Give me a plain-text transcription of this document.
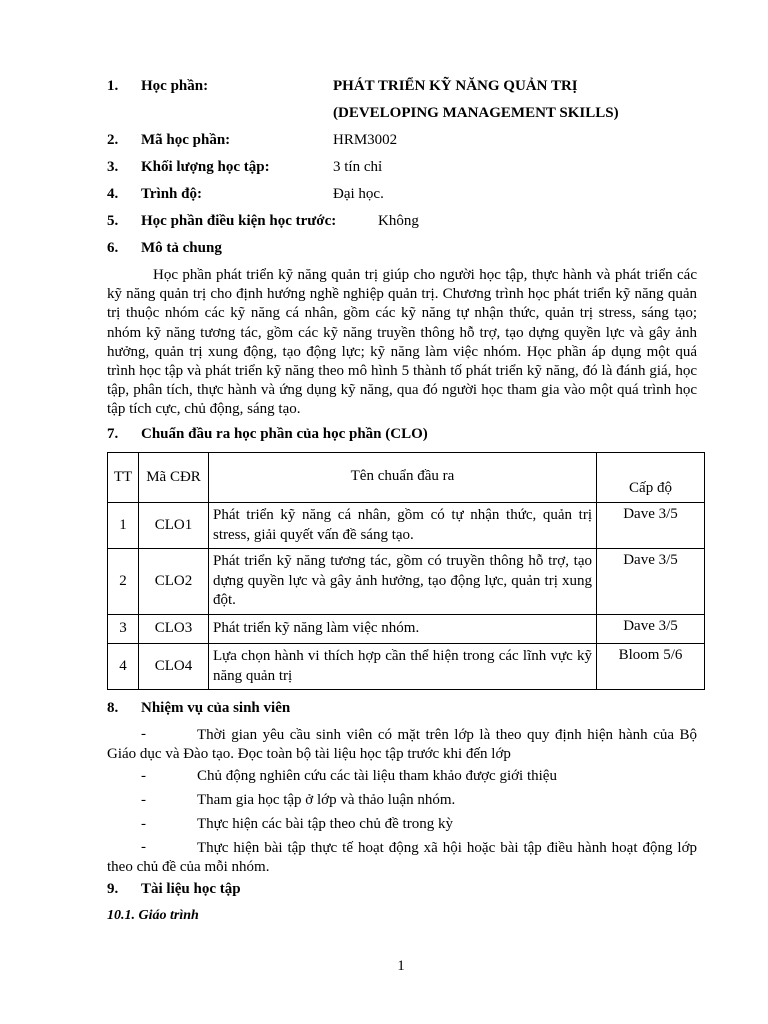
1. Học phần:	PHÁT TRIỂN KỸ NĂNG QUẢN TRỊ
(DEVELOPING MANAGEMENT SKILLS)
2. Mã học phần:	HRM3002
3. Khối lượng học tập:	3 tín chỉ
4. Trình độ:	Đại học.
5. Học phần điều kiện học trước:	Không
6. Mô tả chung

Học phần phát triển kỹ năng quản trị giúp cho người học tập, thực hành và phát triển các kỹ năng quản trị cho định hướng nghề nghiệp quản trị. Chương trình học phát triển kỹ năng quản trị thuộc nhóm các kỹ năng cá nhân, gồm các kỹ năng tự nhận thức, quản trị stress, sáng tạo; nhóm kỹ năng tương tác, gồm các kỹ năng truyền thông hỗ trợ, tạo dựng quyền lực và gây ảnh hưởng, quản trị xung động, tạo động lực; kỹ năng làm việc nhóm. Học phần áp dụng một quá trình học tập và phát triển kỹ năng theo mô hình 5 thành tố phát triển kỹ năng, đó là đánh giá, học tập, phân tích, thực hành và ứng dụng kỹ năng, qua đó người học tham gia vào một quá trình học tập tích cực, chủ động, sáng tạo.

7. Chuẩn đầu ra học phần của học phần (CLO)
TT	Mã CĐR	Tên chuẩn đầu ra	Cấp độ
1	CLO1	Phát triển kỹ năng cá nhân, gồm có tự nhận thức, quản trị stress, giải quyết vấn đề sáng tạo.	Dave 3/5
2	CLO2	Phát triển kỹ năng tương tác, gồm có truyền thông hỗ trợ, tạo dựng quyền lực và gây ảnh hưởng, tạo động lực, quản trị xung đột.	Dave 3/5
3	CLO3	Phát triển kỹ năng làm việc nhóm.	Dave 3/5
4	CLO4	Lựa chọn hành vi thích hợp cần thể hiện trong các lĩnh vực kỹ năng quản trị	Bloom 5/6
8. Nhiệm vụ của sinh viên
-	Thời gian yêu cầu sinh viên có mặt trên lớp là theo quy định hiện hành của Bộ Giáo dục và Đào tạo. Đọc toàn bộ tài liệu học tập trước khi đến lớp

-	Chủ động nghiên cứu các tài liệu tham khảo được giới thiệu
-	Tham gia học tập ở lớp và thảo luận nhóm.
-	Thực hiện các bài tập theo chủ đề trong kỳ
-	Thực hiện bài tập thực tế hoạt động xã hội hoặc bài tập điều hành hoạt động lớp theo chủ đề của mỗi nhóm.

9. Tài liệu học tập
10.1. Giáo trình
1
